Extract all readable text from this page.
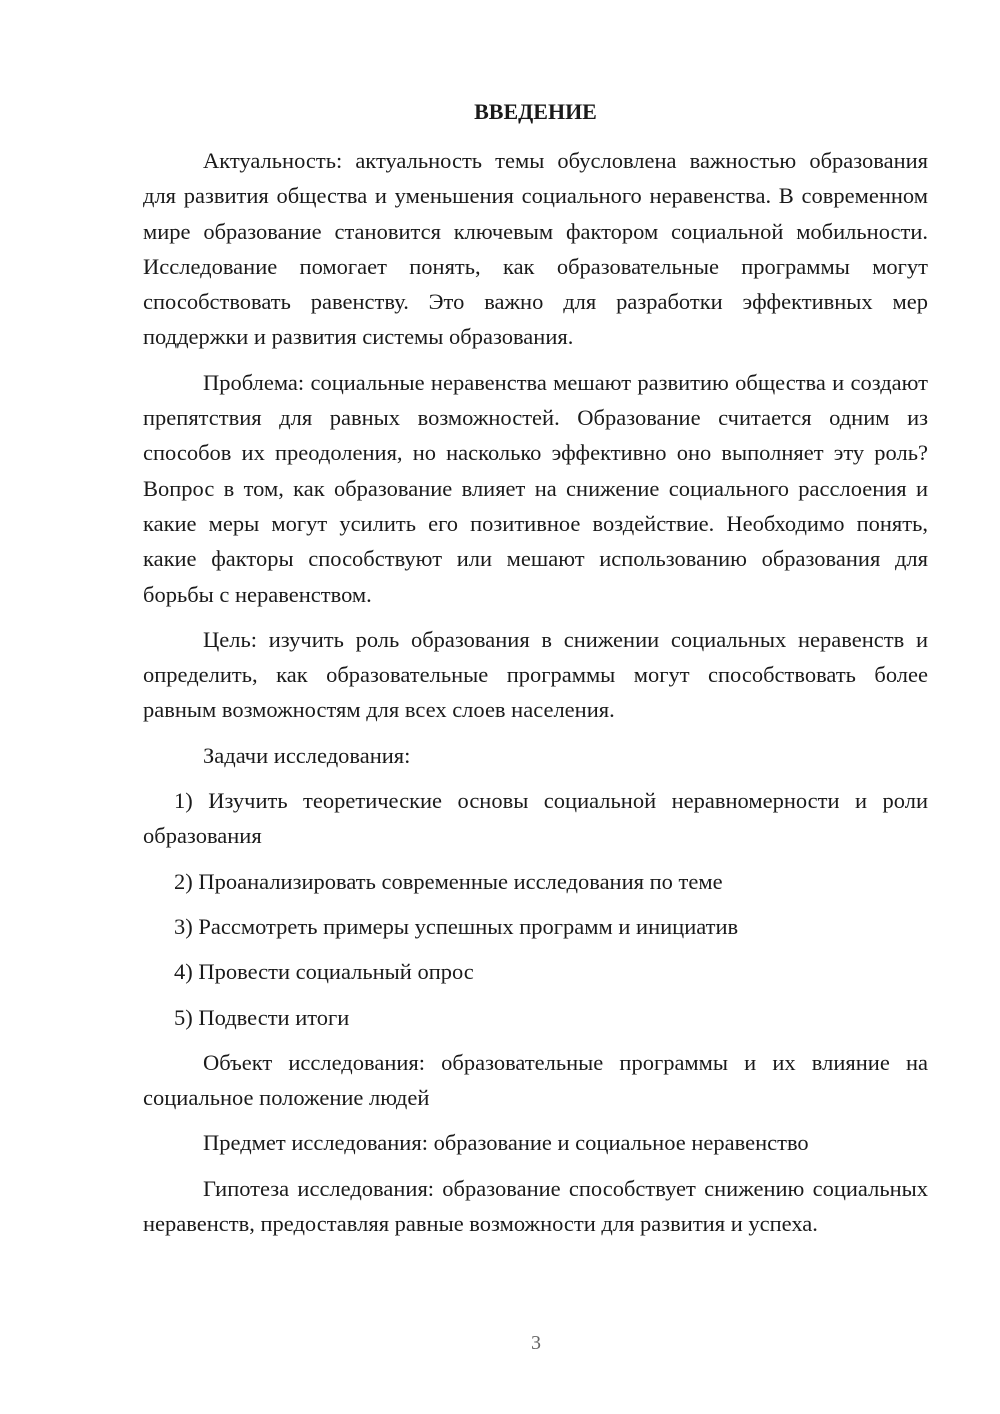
ВВЕДЕНИЕ

Актуальность: актуальность темы обусловлена важностью образования для развития общества и уменьшения социального неравенства. В современном мире образование становится ключевым фактором социальной мобильности. Исследование помогает понять, как образовательные программы могут способствовать равенству. Это важно для разработки эффективных мер поддержки и развития системы образования.

Проблема: социальные неравенства мешают развитию общества и создают препятствия для равных возможностей. Образование считается одним из способов их преодоления, но насколько эффективно оно выполняет эту роль? Вопрос в том, как образование влияет на снижение социального расслоения и какие меры могут усилить его позитивное воздействие. Необходимо понять, какие факторы способствуют или мешают использованию образования для борьбы с неравенством.

Цель: изучить роль образования в снижении социальных неравенств и определить, как образовательные программы могут способствовать более равным возможностям для всех слоев населения.

Задачи исследования:

1) Изучить теоретические основы социальной неравномерности и роли образования
2) Проанализировать современные исследования по теме
3) Рассмотреть примеры успешных программ и инициатив
4) Провести социальный опрос
5) Подвести итоги

Объект исследования: образовательные программы и их влияние на социальное положение людей

Предмет исследования: образование и социальное неравенство

Гипотеза исследования: образование способствует снижению социальных неравенств, предоставляя равные возможности для развития и успеха.

3
